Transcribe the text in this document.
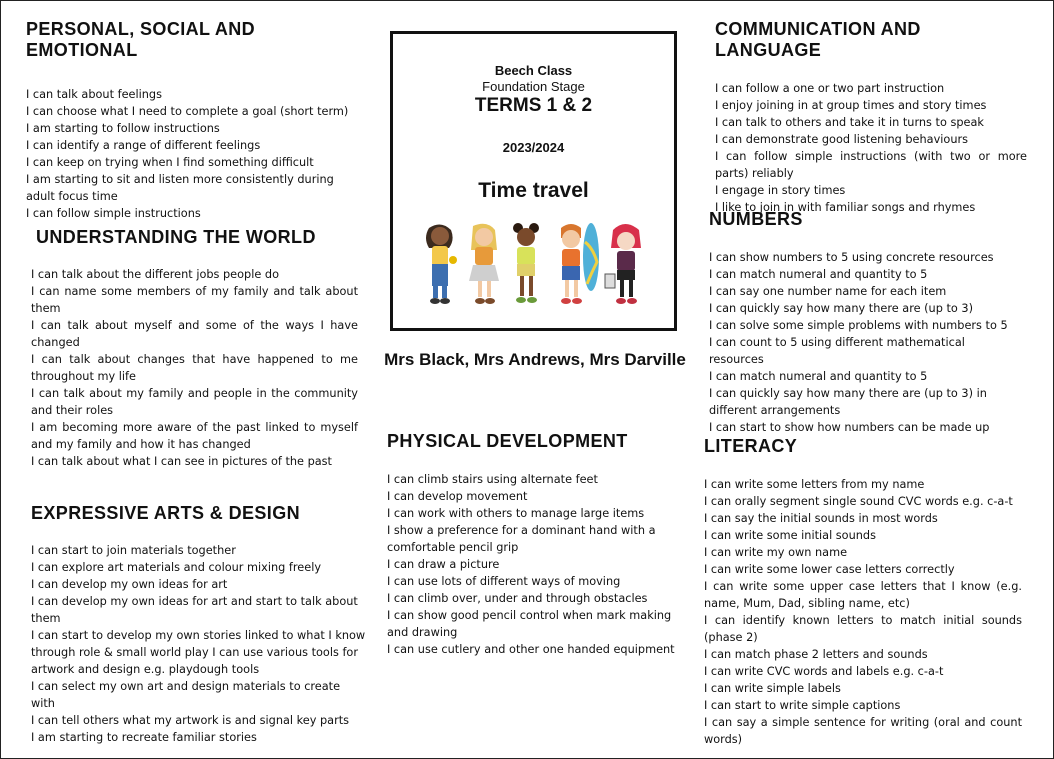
PERSONAL, SOCIAL AND EMOTIONAL
I can talk about feelings
I can choose what I need to complete a goal (short term)
I am starting to follow instructions
I can identify a range of different feelings
I can keep on trying when I find something difficult
I am starting to sit and listen more consistently during adult focus time
I can follow simple instructions
UNDERSTANDING THE WORLD
I can talk about the different jobs people do
I can name some members of my family and talk about them
I can talk about myself and some of the ways I have changed
I can talk about changes that have happened to me throughout my life
I can talk about my family and people in the community and their roles
I am becoming more aware of the past linked to myself and my family and how it has changed
I can talk about what I can see in pictures of the past
EXPRESSIVE ARTS & DESIGN
I can start to join materials together
I can explore art materials and colour mixing freely
I can develop my own ideas for art
I can develop my own ideas for art and start to talk about them
I can start to develop my own stories linked to what I know through role & small world play I can use various tools for artwork and design e.g. playdough tools
I can select my own art and design materials to create with
I can tell others what my artwork is and signal key parts
I am starting to recreate familiar stories
Beech Class
Foundation Stage
TERMS 1 & 2
2023/2024
Time travel
Mrs Black, Mrs Andrews, Mrs Darville
PHYSICAL DEVELOPMENT
I can climb stairs using alternate feet
I can develop movement
I can work with others to manage large items
I show a preference for a dominant hand with a comfortable pencil grip
I can draw a picture
I can use lots of different ways of moving
I can climb over, under and through obstacles
I can show good pencil control when mark making and drawing
I can use cutlery and other one handed equipment
COMMUNICATION AND LANGUAGE
I can follow a one or two part instruction
I enjoy joining in at group times and story times
I can talk to others and take it in turns to speak
I can demonstrate good listening behaviours
I can follow simple instructions (with two or more parts) reliably
I engage in story times
I like to join in with familiar songs and rhymes
NUMBERS
I can show numbers to 5 using concrete resources
I can match numeral and quantity to 5
I can say one number name for each item
I can quickly say how many there are (up to 3)
I can solve some simple problems with numbers to 5
I can count to 5 using different mathematical resources
I can match numeral and quantity to 5
I can quickly say how many there are (up to 3) in different arrangements
I can start to show how numbers can be made up
LITERACY
I can write some letters from my name
I can orally segment single sound CVC words e.g. c-a-t
I can say the initial sounds in most words
I can write some initial sounds
I can write my own name
I can write some lower case letters correctly
I can write some upper case letters that I know (e.g. name, Mum, Dad, sibling name, etc)
I can identify known letters to match initial sounds (phase 2)
I can match phase 2 letters and sounds
I can write CVC words and labels e.g. c-a-t
I can write simple labels
I can start to write simple captions
I can say a simple sentence for writing (oral and count words)
